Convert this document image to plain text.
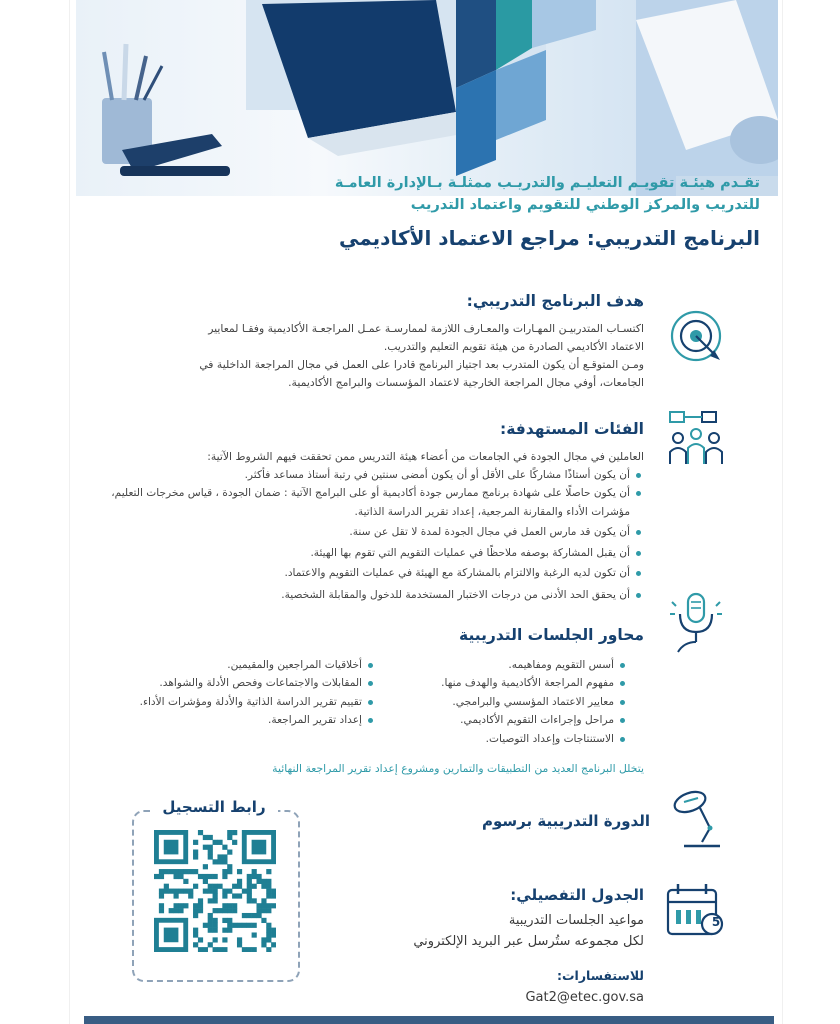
تقـدم هيئـة تقويـم التعليـم والتدريـب ممثلـة بـالإدارة العامـة
للتدريب والمركز الوطني للتقويم واعتماد التدريب
البرنامج التدريبي: مراجع الاعتماد الأكاديمي
هدف البرنامج التدريبي:
اكتسـاب المتدربيـن المهـارات والمعـارف اللازمة لممارسـة عمـل المراجعـة الأكاديمية وفقـا لمعايير
الاعتماد الأكاديمي الصادرة من هيئة تقويم التعليم والتدريب.
ومـن المتوقـع أن يكون المتدرب بعد اجتياز البرنامج قادرا على العمل في مجال المراجعة الداخلية في
الجامعات، أوفي مجال المراجعة الخارجية لاعتماد المؤسسات والبرامج الأكاديمية.
الفئات المستهدفة:
العاملين في مجال الجودة في الجامعات من أعضاء هيئة التدريس ممن تحققت فيهم الشروط الآتية:
أن يكون أستاذًا مشاركًا على الأقل أو أن يكون أمضى سنتين في رتبة أستاذ مساعد فأكثر.
أن يكون حاصلًا على شهادة برنامج ممارس جودة أكاديمية أو على البرامج الآتية : ضمان الجودة ، قياس مخرجات التعليم، مؤشرات الأداء والمقارنة المرجعية، إعداد تقرير الدراسة الذاتية.
أن يكون قد مارس العمل في مجال الجودة لمدة لا تقل عن سنة.
أن يقبل المشاركة بوصفه ملاحظًا في عمليات التقويم التي تقوم بها الهيئة.
أن تكون لديه الرغبة والالتزام بالمشاركة مع الهيئة في عمليات التقويم والاعتماد.
أن يحقق الحد الأدنى من درجات الاختبار المستخدمة للدخول والمقابلة الشخصية.
محاور الجلسات التدريبية
أسس التقويم ومفاهيمه.
مفهوم المراجعة الأكاديمية والهدف منها.
معايير الاعتماد المؤسسي والبرامجي.
مراحل وإجراءات التقويم الأكاديمي.
الاستنتاجات وإعداد التوصيات.
أخلاقيات المراجعين والمقيمين.
المقابلات والاجتماعات وفحص الأدلة والشواهد.
تقييم تقرير الدراسة الذاتية والأدلة ومؤشرات الأداء.
إعداد تقرير المراجعة.
يتخلل البرنامج العديد من التطبيقات والتمارين ومشروع إعداد تقرير المراجعة النهائية
الدورة التدريبية برسوم
رابط التسجيل
الجدول التفصيلي:
مواعيد الجلسات التدريبية
لكل مجموعه ستُرسل عبر البريد الإلكتروني
5
للاستفسارات:
Gat2@etec.gov.sa
